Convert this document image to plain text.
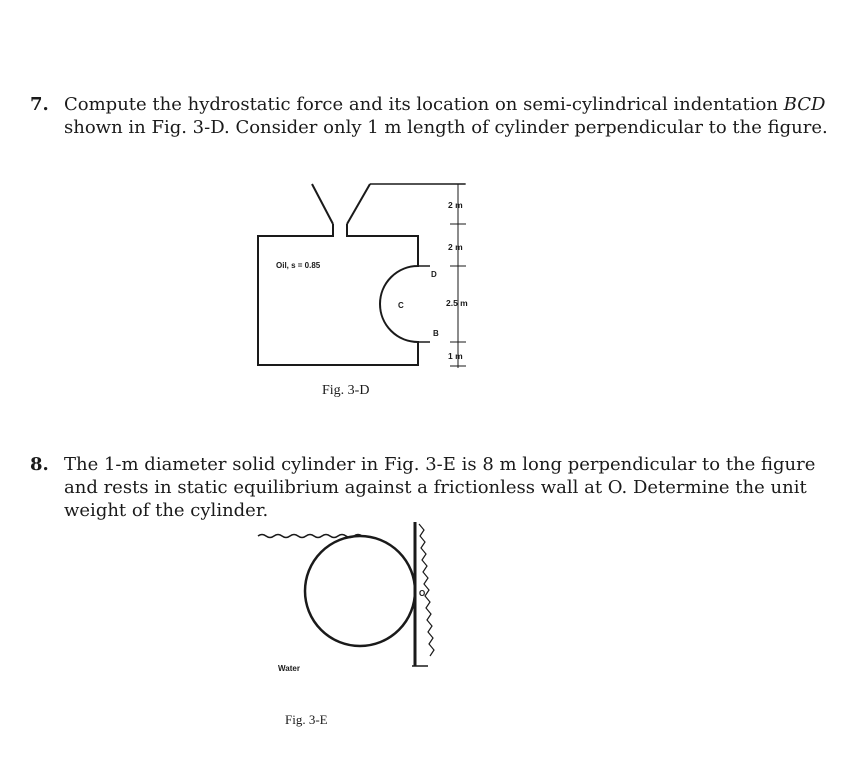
7. Compute the hydrostatic force and its location on semi-cylindrical indentation BCD shown in Fig. 3-D. Consider only 1 m length of cylinder perpendicular to the figure.
8. The 1-m diameter solid cylinder in Fig. 3-E is 8 m long perpendicular to the figure and rests in static equilibrium against a frictionless wall at O. Determine the unit weight of the cylinder.
Oil, s = 0.85
C
D
B
2 m
2 m
2.5 m
1 m
Fig. 3-D
O
Water
Fig. 3-E
